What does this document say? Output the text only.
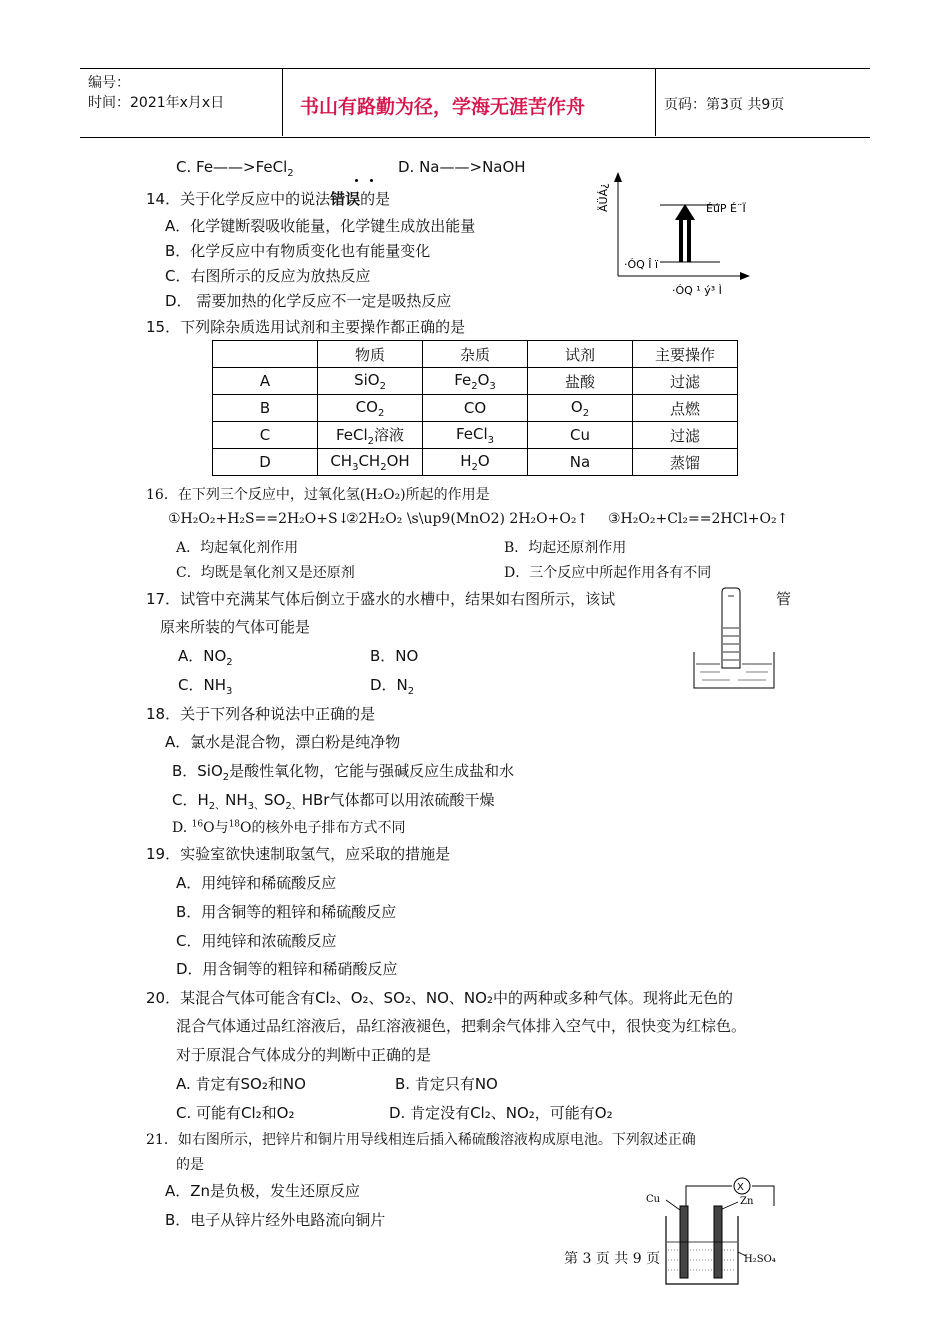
编号：
时间：2021年x月x日	书山有路勤为径，学海无涯苦作舟	页码：第3页 共9页
C. Fe——>FeCl$_2$	D. Na——>NaOH
14．关于化学反应中的说法错误的是
A．化学键断裂吸收能量，化学键生成放出能量
B．化学反应中有物质变化也有能量变化
C．右图所示的反应为放热反应
D． 需要加热的化学反应不一定是吸热反应
ÄÜÁ¿	ÉúP É¨Ï
·ÓQ Î ï
·ÓQ ¹ ý³ Ì
15．下列除杂质选用试剂和主要操作都正确的是
	物质	杂质	试剂	主要操作
A	SiO$_2$	$Fe_2O_3$	盐酸	过滤
B	$CO_2$	CO	$O_2$	点燃
C	FeCl$_2$溶液	FeCl$_3$	Cu	过滤
D	$CH_3CH_2OH$	$H_2O$	Na	蒸馏
16．在下列三个反应中，过氧化氢(H₂O₂)所起的作用是
①H₂O₂+H₂S==2H₂O+S↓
②2H₂O₂ \s\up9(MnO2) 2H₂O+O₂↑ ③H₂O₂+Cl₂==2HCl+O₂↑
A．均起氧化剂作用	B．均起还原剂作用
C．均既是氧化剂又是还原剂	D．三个反应中所起作用各有不同
17．试管中充满某气体后倒立于盛水的水槽中，结果如右图所示，该试	管
原来所装的气体可能是
A．$NO_2$	B．NO
C．$NH_3$	D．$N_2$
18．关于下列各种说法中正确的是
A．氯水是混合物，漂白粉是纯净物
B．SiO$_2$是酸性氧化物，它能与强碱反应生成盐和水
C．$H_{2、}NH_{3、}SO_{2、}HBr$气体都可以用浓硫酸干燥
D. $^{16}$O与$^{18}$O的核外电子排布方式不同
19．实验室欲快速制取氢气，应采取的措施是
A．用纯锌和稀硫酸反应
B．用含铜等的粗锌和稀硫酸反应
C．用纯锌和浓硫酸反应
D．用含铜等的粗锌和稀硝酸反应
20．某混合气体可能含有Cl₂、O₂、SO₂、NO、NO₂中的两种或多种气体。现将此无色的
混合气体通过品红溶液后，品红溶液褪色，把剩余气体排入空气中，很快变为红棕色。
对于原混合气体成分的判断中正确的是
A. 肯定有SO₂和NO	B. 肯定只有NO
C. 可能有Cl₂和O₂	D. 肯定没有Cl₂、NO₂，可能有O₂
21．如右图所示，把锌片和铜片用导线相连后插入稀硫酸溶液构成原电池。下列叙述正确
的是
A．Zn是负极，发生还原反应
B．电子从锌片经外电路流向铜片
X
Cu	Zn
H₂SO₄
第 3 页 共 9 页
